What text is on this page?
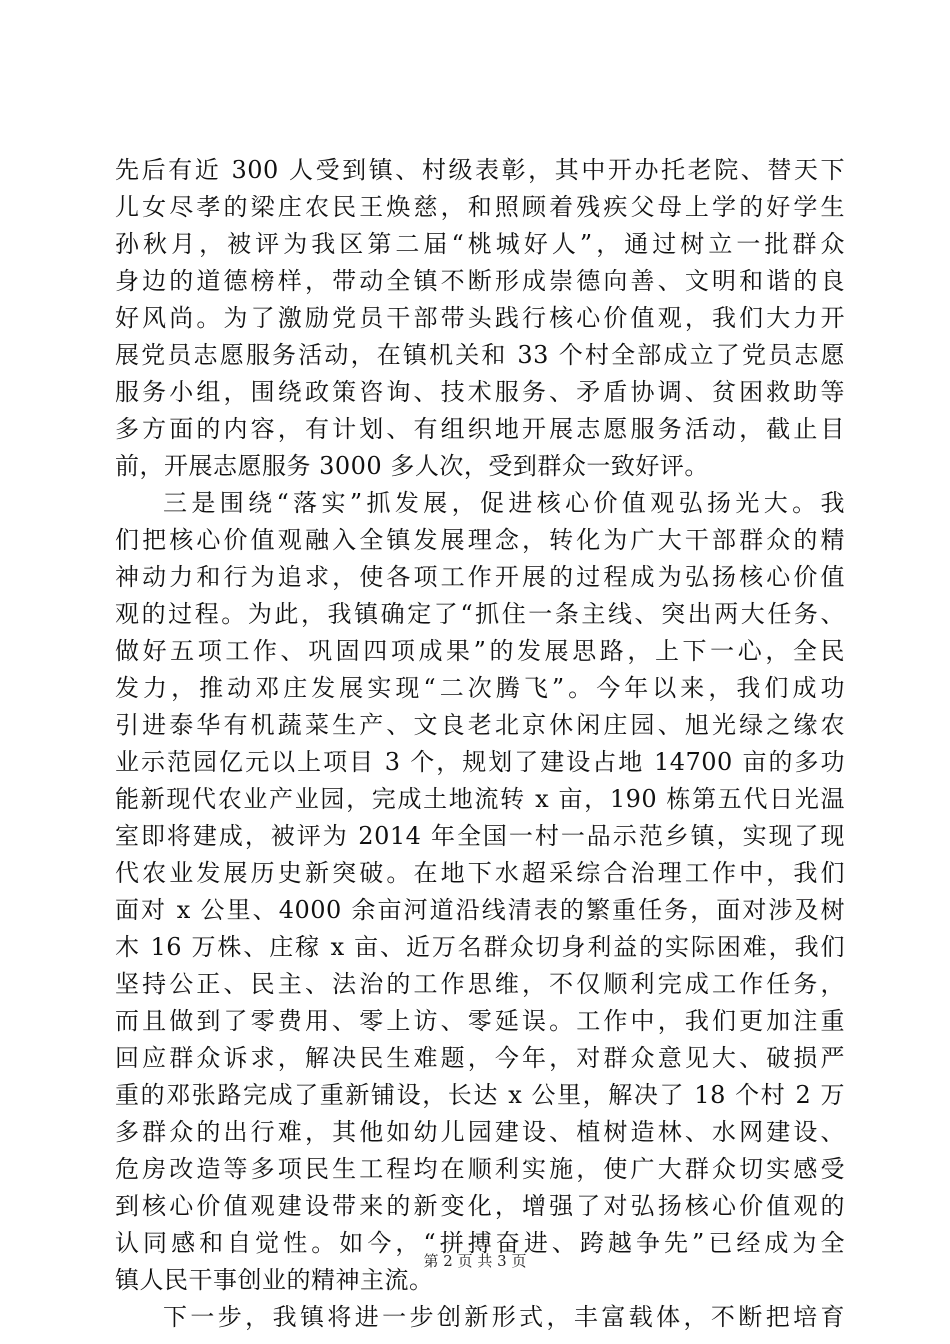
先后有近 300 人受到镇、村级表彰，其中开办托老院、替天下
儿女尽孝的梁庄农民王焕慈，和照顾着残疾父母上学的好学生
孙秋月，被评为我区第二届“桃城好人”，通过树立一批群众
身边的道德榜样，带动全镇不断形成崇德向善、文明和谐的良
好风尚。为了激励党员干部带头践行核心价值观，我们大力开
展党员志愿服务活动，在镇机关和 33 个村全部成立了党员志愿
服务小组，围绕政策咨询、技术服务、矛盾协调、贫困救助等
多方面的内容，有计划、有组织地开展志愿服务活动，截止目
前，开展志愿服务 3000 多人次，受到群众一致好评。
三是围绕“落实”抓发展，促进核心价值观弘扬光大。我
们把核心价值观融入全镇发展理念，转化为广大干部群众的精
神动力和行为追求，使各项工作开展的过程成为弘扬核心价值
观的过程。为此，我镇确定了“抓住一条主线、突出两大任务、
做好五项工作、巩固四项成果”的发展思路，上下一心，全民
发力，推动邓庄发展实现“二次腾飞”。今年以来，我们成功
引进泰华有机蔬菜生产、文良老北京休闲庄园、旭光绿之缘农
业示范园亿元以上项目 3 个，规划了建设占地 14700 亩的多功
能新现代农业产业园，完成土地流转 x 亩，190 栋第五代日光温
室即将建成，被评为 2014 年全国一村一品示范乡镇，实现了现
代农业发展历史新突破。在地下水超采综合治理工作中，我们
面对 x 公里、4000 余亩河道沿线清表的繁重任务，面对涉及树
木 16 万株、庄稼 x 亩、近万名群众切身利益的实际困难，我们
坚持公正、民主、法治的工作思维，不仅顺利完成工作任务，
而且做到了零费用、零上访、零延误。工作中，我们更加注重
回应群众诉求，解决民生难题，今年，对群众意见大、破损严
重的邓张路完成了重新铺设，长达 x 公里，解决了 18 个村 2 万
多群众的出行难，其他如幼儿园建设、植树造林、水网建设、
危房改造等多项民生工程均在顺利实施，使广大群众切实感受
到核心价值观建设带来的新变化，增强了对弘扬核心价值观的
认同感和自觉性。如今，“拼搏奋进、跨越争先”已经成为全
镇人民干事创业的精神主流。
下一步，我镇将进一步创新形式，丰富载体，不断把培育
第 2 页 共 3 页
